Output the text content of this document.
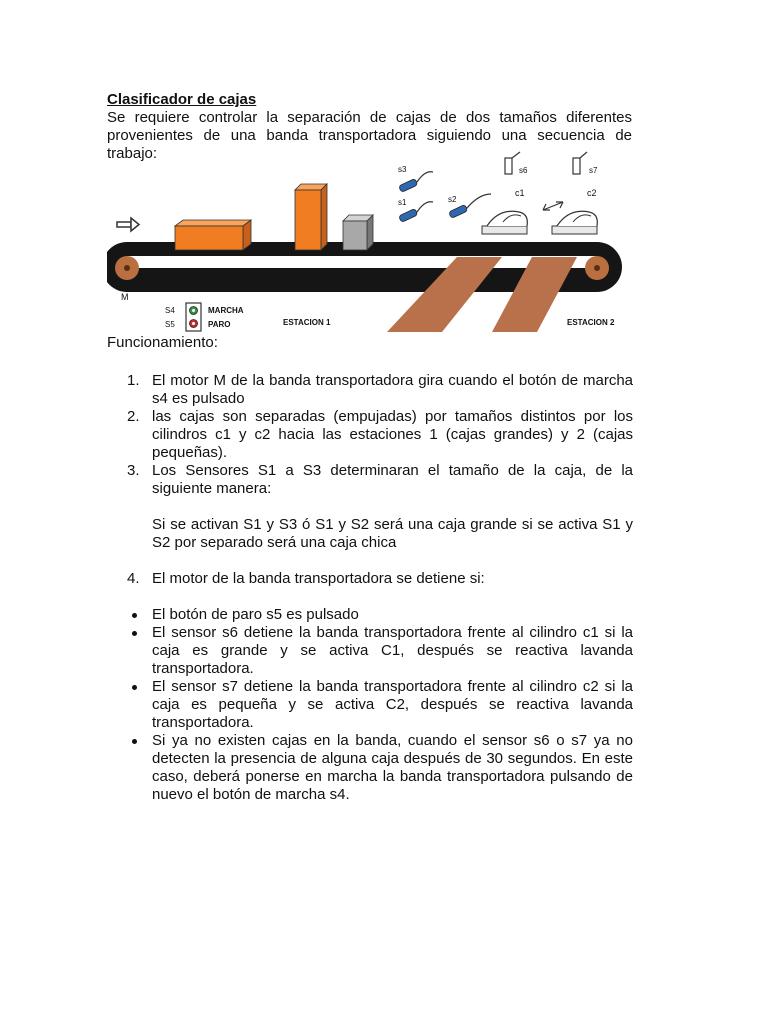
Clasificador de cajas
Se requiere controlar la separación de cajas de dos tamaños diferentes provenientes de una banda transportadora siguiendo una secuencia de trabajo:
s3
s1	s2
s6	s7
c1	c2
M
S4
S5
MARCHA
PARO	ESTACION 1	ESTACION 2
Funcionamiento:
1. El motor M de la banda transportadora gira cuando el botón de marcha s4 es pulsado

2. las cajas son separadas (empujadas) por tamaños distintos por los cilindros c1 y c2 hacia las estaciones 1 (cajas grandes) y 2 (cajas pequeñas).

3. Los Sensores S1 a S3 determinaran el tamaño de la caja, de la siguiente manera:

Si se activan S1 y S3 ó S1 y S2 será una caja grande si se activa S1 y S2 por separado será una caja chica

4. El motor de la banda transportadora se detiene si:

El botón de paro s5 es pulsado
El sensor s6 detiene la banda transportadora frente al cilindro c1 si la caja es grande y se activa C1, después se reactiva lavanda transportadora.
El sensor s7 detiene la banda transportadora frente al cilindro c2 si la caja es pequeña y se activa C2, después se reactiva lavanda transportadora.
Si ya no existen cajas en la banda, cuando el sensor s6 o s7 ya no detecten la presencia de alguna caja después de 30 segundos. En este caso, deberá ponerse en marcha la banda transportadora pulsando de nuevo el botón de marcha s4.
